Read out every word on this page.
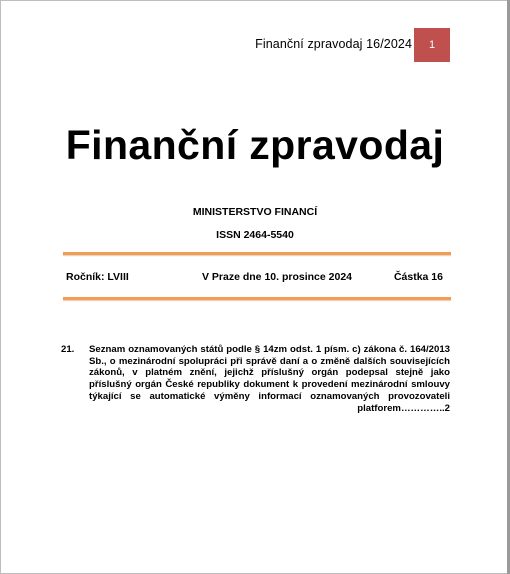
Finanční zpravodaj 16/2024	1
Finanční zpravodaj
MINISTERSTVO FINANCÍ
ISSN 2464-5540
Ročník: LVIII	V Praze dne 10. prosince 2024	Částka 16
21. Seznam oznamovaných států podle § 14zm odst. 1 písm. c) zákona č. 164/2013 Sb., o mezinárodní spolupráci při správě daní a o změně dalších souvisejících zákonů, v platném znění, jejichž příslušný orgán podepsal stejně jako příslušný orgán České republiky dokument k provedení mezinárodní smlouvy týkající se automatické výměny informací oznamovaných provozovateli platforem…………..2
